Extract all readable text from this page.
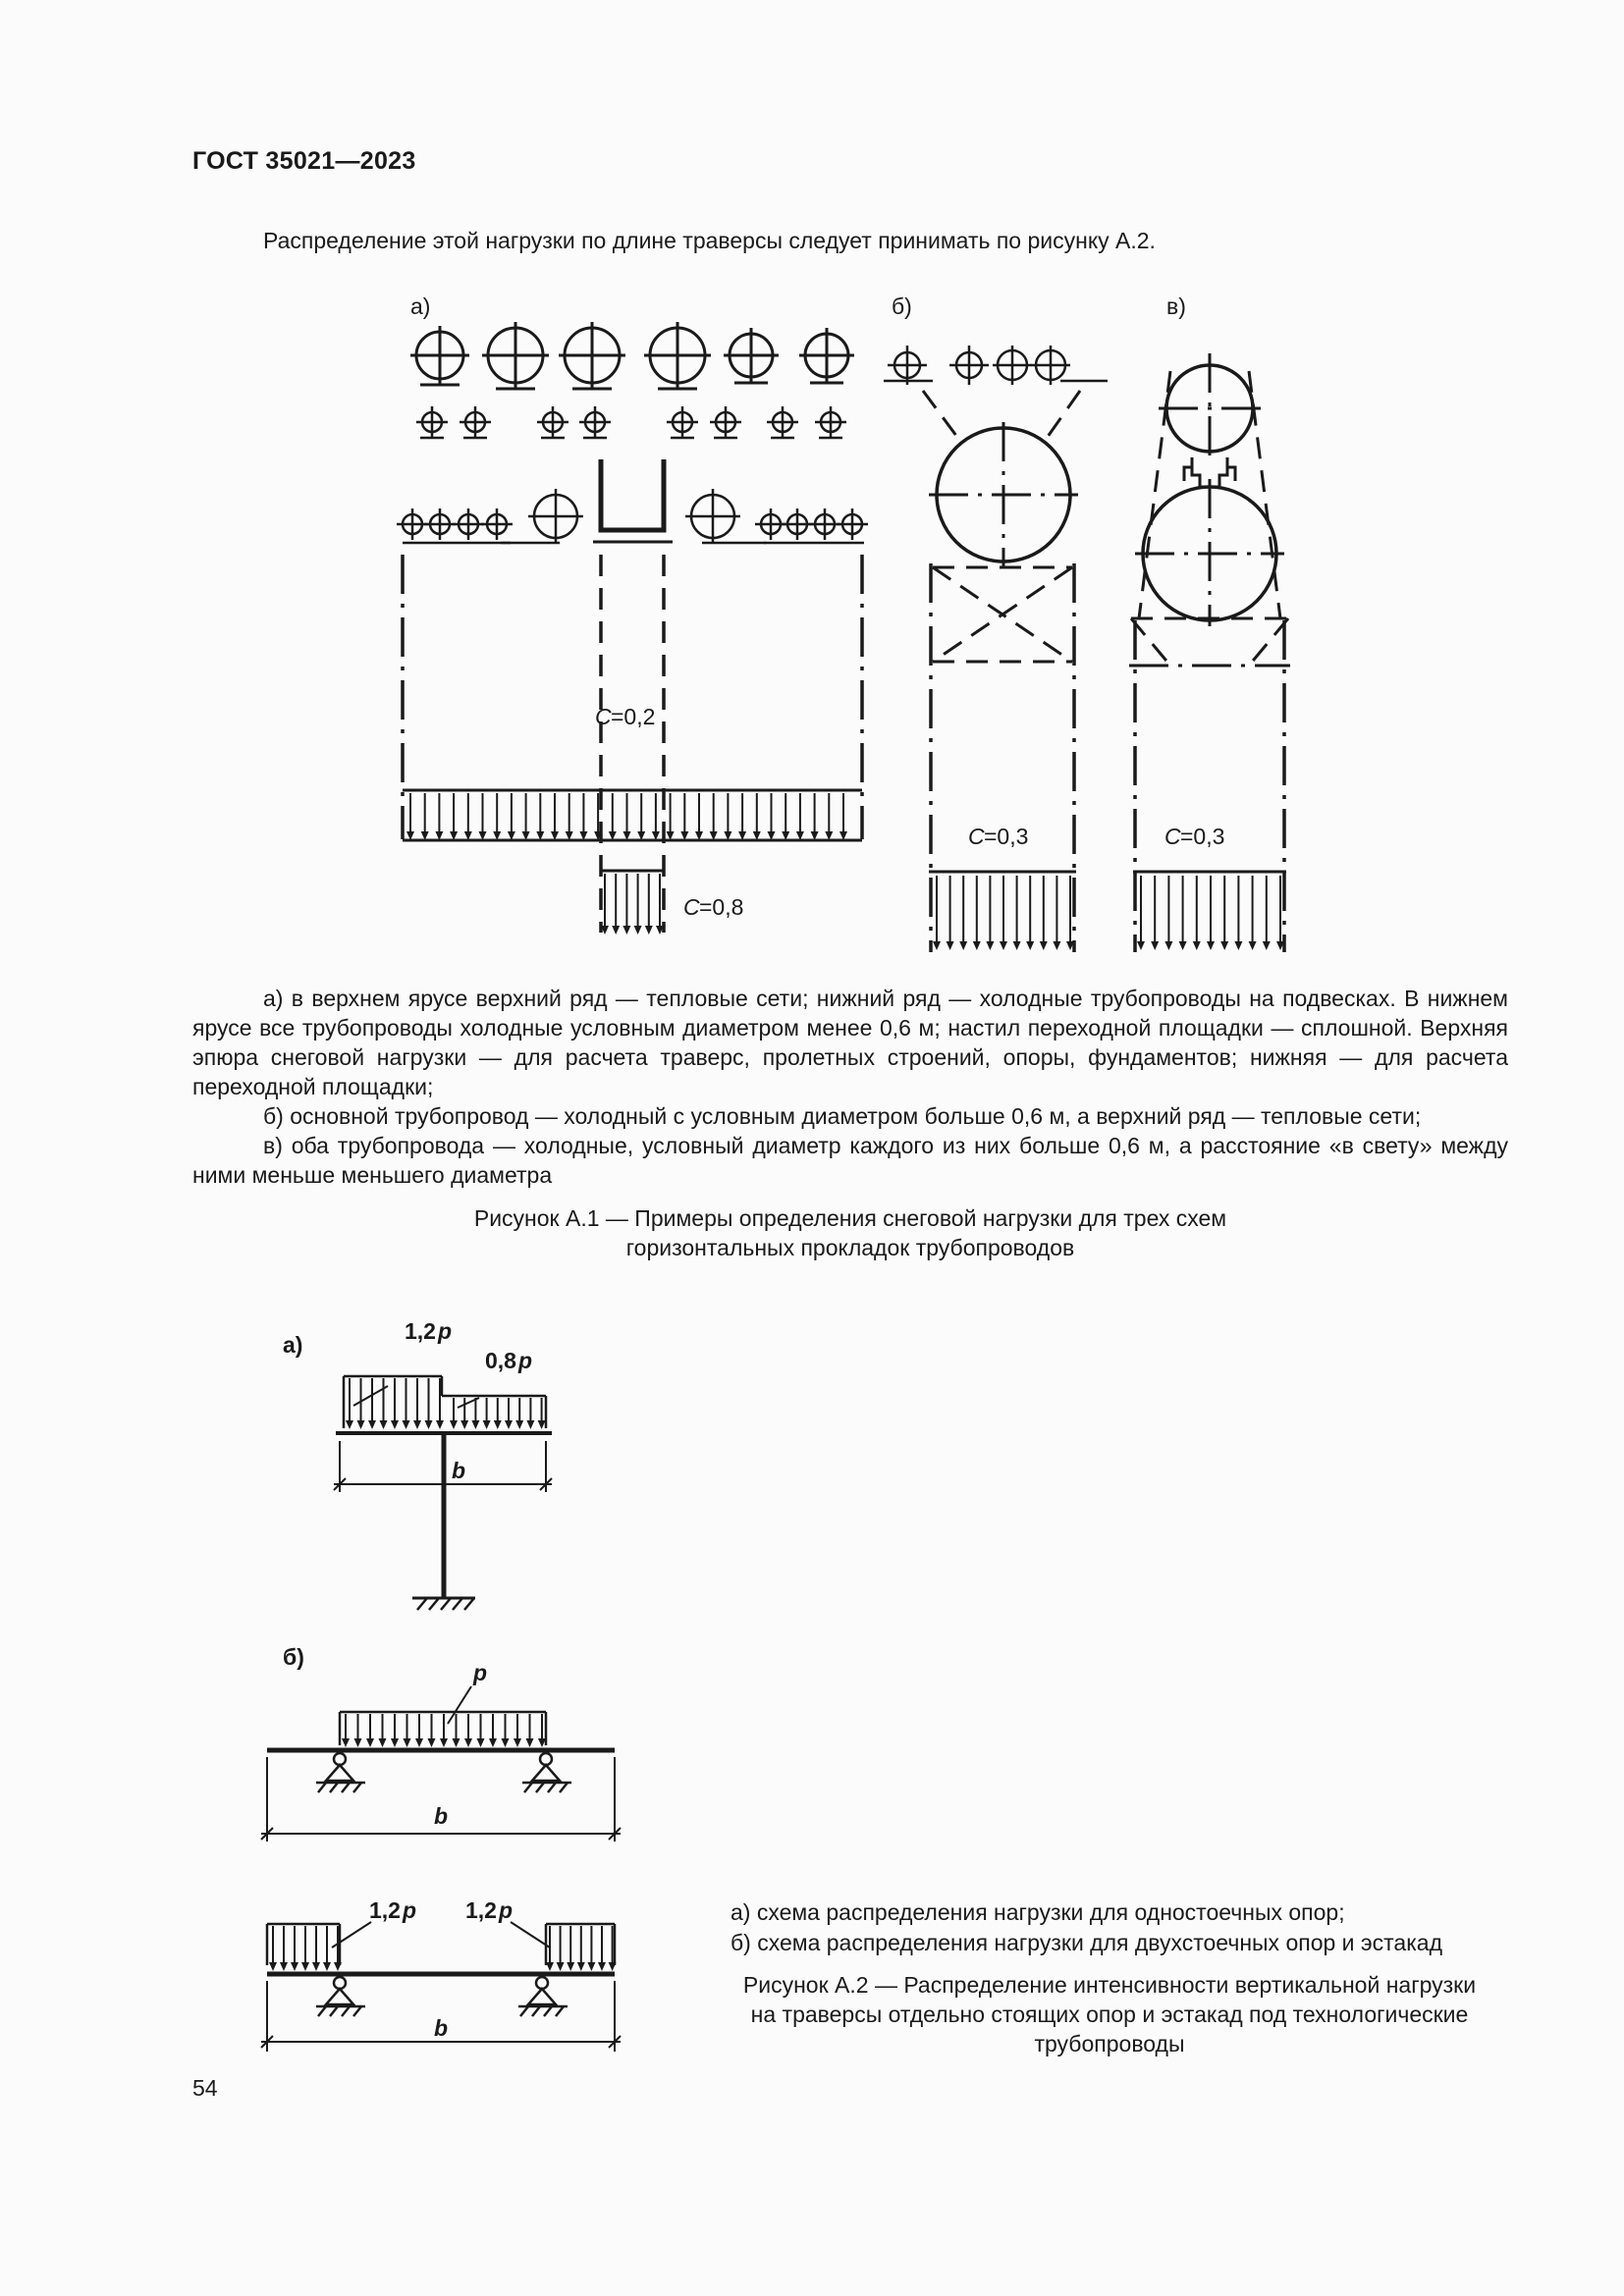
ГОСТ 35021—2023
Распределение этой нагрузки по длине траверсы следует принимать по рисунку А.2.
а)	б)	в)
C =0,2
C =0,8
C =0,3	C =0,3

а) в верхнем ярусе верхний ряд — тепловые сети; нижний ряд — холодные трубопроводы на подвесках. В нижнем ярусе все трубопроводы холодные условным диаметром менее 0,6 м; настил переходной площадки — сплошной. Верхняя эпюра снеговой нагрузки — для расчета траверс, пролетных строений, опоры, фундаментов; нижняя — для расчета переходной площадки;

б) основной трубопровод — холодный с условным диаметром больше 0,6 м, а верхний ряд — тепловые сети;

в) оба трубопровода — холодные, условный диаметр каждого из них больше 0,6 м, а расстояние «в свету» между ними меньше меньшего диаметра

Рисунок А.1 — Примеры определения снеговой нагрузки для трех схем
горизонтальных прокладок трубопроводов
а)
1,2 p
0,8 p
b
б)
p
b
1,2 p 1,2 p
b

а) схема распределения нагрузки для одностоечных опор;

б) схема распределения нагрузки для двухстоечных опор и эстакад

Рисунок А.2 — Распределение интенсивности вертикальной нагрузки
на траверсы отдельно стоящих опор и эстакад под технологические
трубопроводы
54
